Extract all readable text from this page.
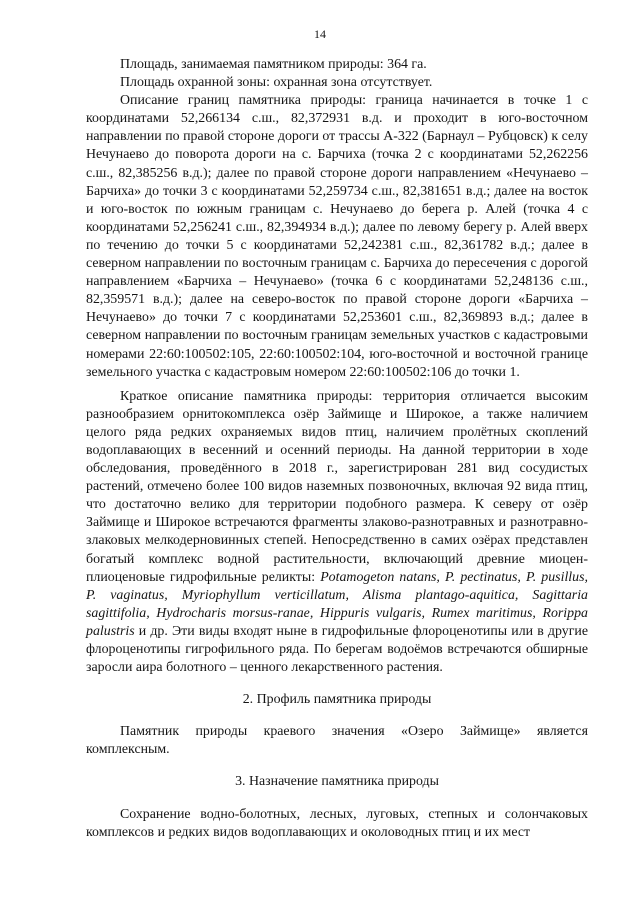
14

Площадь, занимаемая памятником природы: 364 га.

Площадь охранной зоны: охранная зона отсутствует.

Описание границ памятника природы: граница начинается в точке 1 с координатами 52,266134 с.ш., 82,372931 в.д. и проходит в юго-восточном направлении по правой стороне дороги от трассы А-322 (Барнаул – Рубцовск) к селу Нечунаево до поворота дороги на с. Барчиха (точка 2 с координатами 52,262256 с.ш., 82,385256 в.д.); далее по правой стороне дороги направлением «Нечунаево – Барчиха» до точки 3 с координатами 52,259734 с.ш., 82,381651 в.д.; далее на восток и юго-восток по южным границам с. Нечунаево до берега р. Алей (точка 4 с координатами 52,256241 с.ш., 82,394934 в.д.); далее по левому берегу р. Алей вверх по течению до точки 5 с координатами 52,242381 с.ш., 82,361782 в.д.; далее в северном направлении по восточным границам с. Барчиха до пересечения с дорогой направлением «Барчиха – Нечунаево» (точка 6 с координатами 52,248136 с.ш., 82,359571 в.д.); далее на северо-восток по правой стороне дороги «Барчиха – Нечунаево» до точки 7 с координатами 52,253601 с.ш., 82,369893 в.д.; далее в северном направлении по восточным границам земельных участков с кадастровыми номерами 22:60:100502:105, 22:60:100502:104, юго-восточной и восточной границе земельного участка с кадастровым номером 22:60:100502:106 до точки 1.

Краткое описание памятника природы: территория отличается высоким разнообразием орнитокомплекса озёр Займище и Широкое, а также наличием целого ряда редких охраняемых видов птиц, наличием пролётных скоплений водоплавающих в весенний и осенний периоды. На данной территории в ходе обследования, проведённого в 2018 г., зарегистрирован 281 вид сосудистых растений, отмечено более 100 видов наземных позвоночных, включая 92 вида птиц, что достаточно велико для территории подобного размера. К северу от озёр Займище и Широкое встречаются фрагменты злаково-разнотравных и разнотравно-злаковых мелкодерновинных степей. Непосредственно в самих озёрах представлен богатый комплекс водной растительности, включающий древние миоцен-плиоценовые гидрофильные реликты: Potamogeton natans, P. pectinatus, P. pusillus, P. vaginatus, Myriophyllum verticillatum, Alisma plantago-aquitica, Sagittaria sagittifolia, Hydrocharis morsus-ranae, Hippuris vulgaris, Rumex maritimus, Rorippa palustris и др. Эти виды входят ныне в гидрофильные флороценотипы или в другие флороценотипы гигрофильного ряда. По берегам водоёмов встречаются обширные заросли аира болотного – ценного лекарственного растения.

2. Профиль памятника природы

Памятник природы краевого значения «Озеро Займище» является комплексным.

3. Назначение памятника природы

Сохранение водно-болотных, лесных, луговых, степных и солончаковых комплексов и редких видов водоплавающих и околоводных птиц и их мест
